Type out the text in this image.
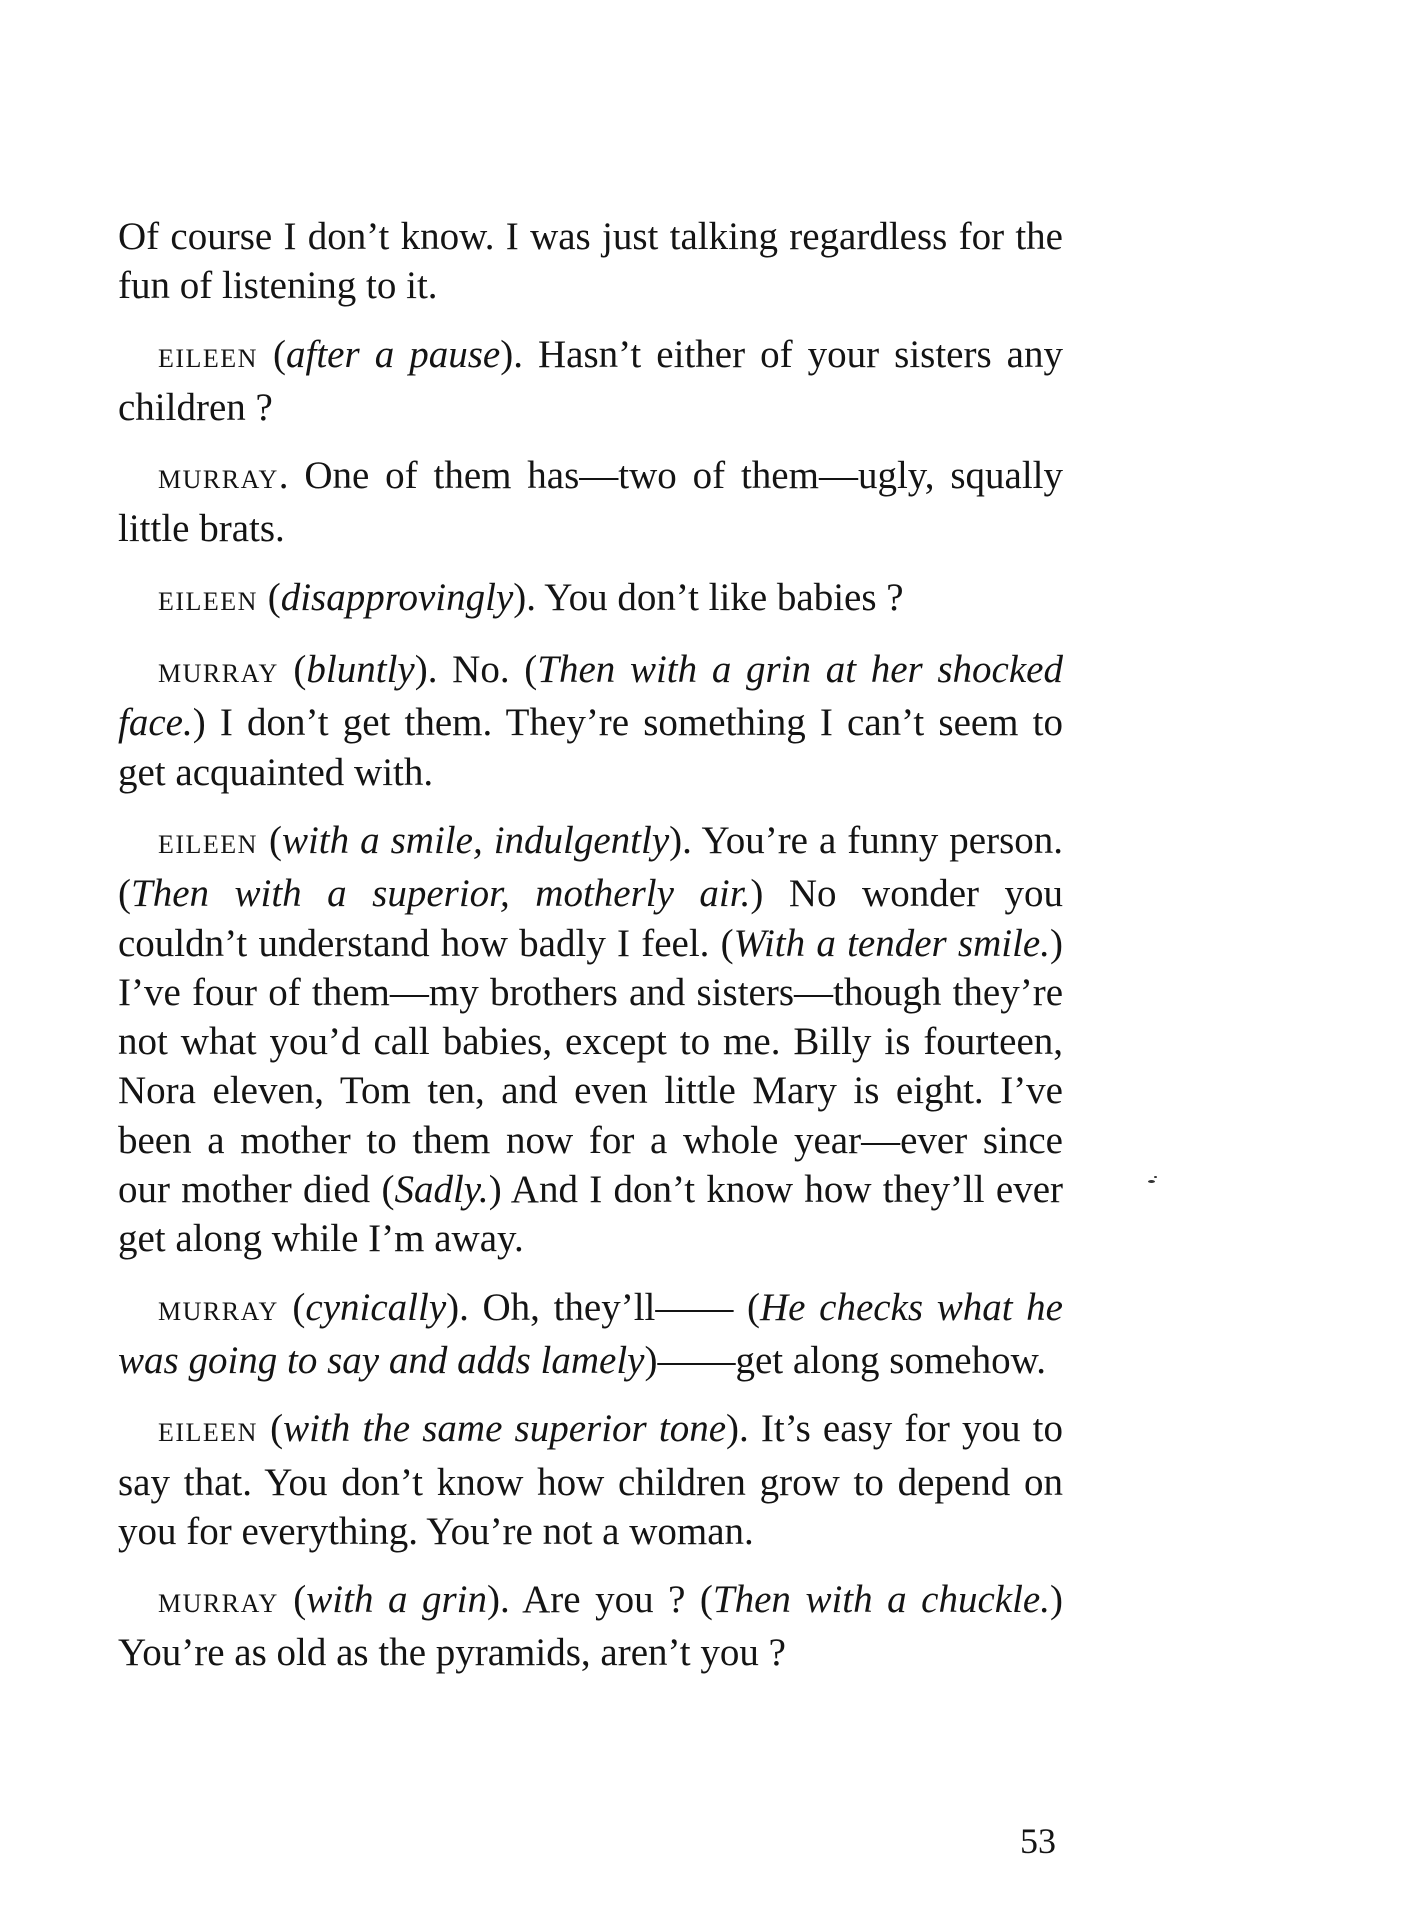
Of course I don’t know. I was just talking regardless for the fun of listening to it.

EILEEN (after a pause). Hasn’t either of your sisters any children ?

MURRAY. One of them has—two of them—ugly, squally little brats.

EILEEN (disapprovingly). You don’t like babies ?

MURRAY (bluntly). No. (Then with a grin at her shocked face.) I don’t get them. They’re something I can’t seem to get acquainted with.

EILEEN (with a smile, indulgently). You’re a funny person. (Then with a superior, motherly air.) No wonder you couldn’t understand how badly I feel. (With a tender smile.) I’ve four of them—my brothers and sisters—though they’re not what you’d call babies, except to me. Billy is fourteen, Nora eleven, Tom ten, and even little Mary is eight. I’ve been a mother to them now for a whole year—ever since our mother died (Sadly.) And I don’t know how they’ll ever get along while I’m away.

MURRAY (cynically). Oh, they’ll—— (He checks what he was going to say and adds lamely)——get along somehow.

EILEEN (with the same superior tone). It’s easy for you to say that. You don’t know how children grow to depend on you for everything. You’re not a woman.

MURRAY (with a grin). Are you ? (Then with a chuckle.) You’re as old as the pyramids, aren’t you ?

53
